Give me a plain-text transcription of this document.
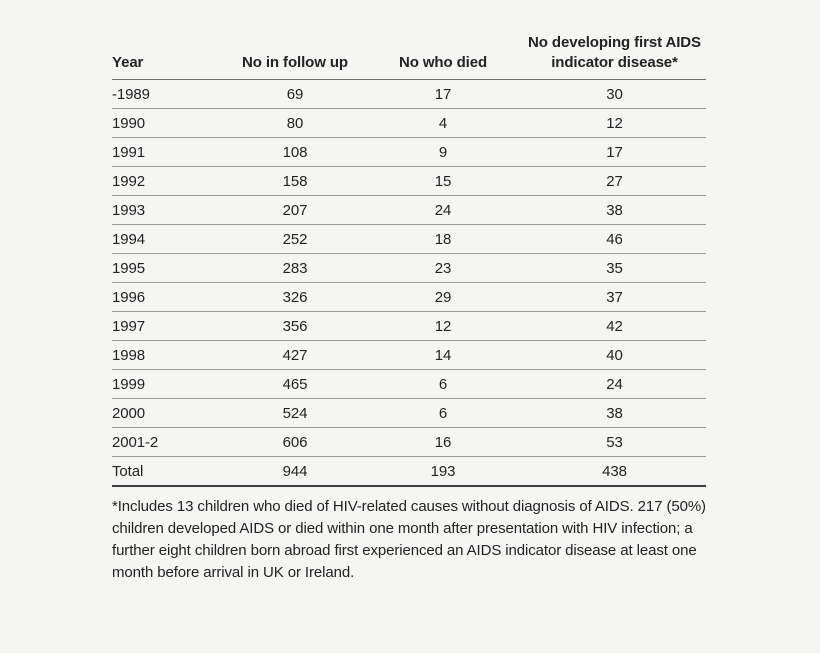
Year	No in follow up	No who died	No developing first AIDS indicator disease*
-1989	69	17	30
1990	80	4	12
1991	108	9	17
1992	158	15	27
1993	207	24	38
1994	252	18	46
1995	283	23	35
1996	326	29	37
1997	356	12	42
1998	427	14	40
1999	465	6	24
2000	524	6	38
2001-2	606	16	53
Total	944	193	438

*Includes 13 children who died of HIV-related causes without diagnosis of AIDS. 217 (50%) children developed AIDS or died within one month after presentation with HIV infection; a further eight children born abroad first experienced an AIDS indicator disease at least one month before arrival in UK or Ireland.
